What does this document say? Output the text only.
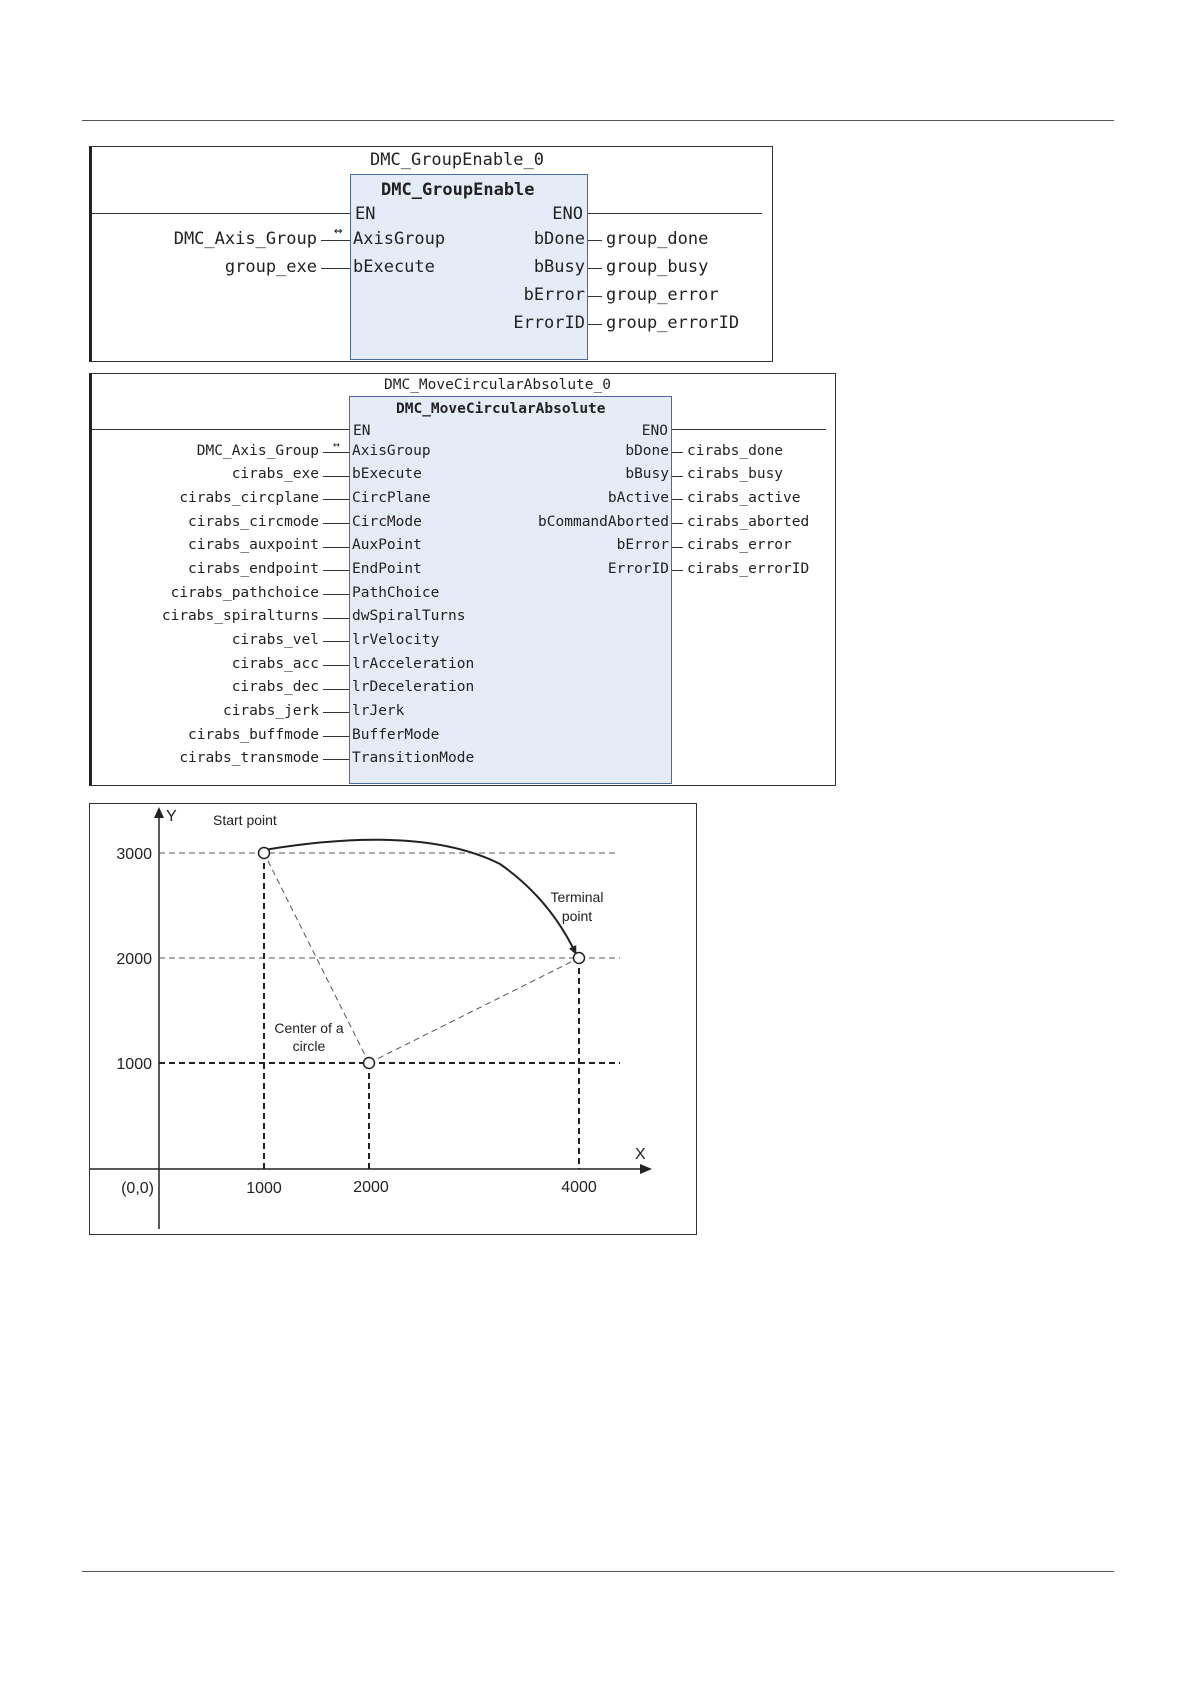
DMC_GroupEnable_0
DMC_GroupEnable
EN	ENO
DMC_Axis_Group AxisGroup
↔
group_exe bExecute
bDone group_done
bBusy group_busy
bError group_error
ErrorID group_errorID
DMC_MoveCircularAbsolute_0
DMC_MoveCircularAbsolute
EN	ENO
DMC_Axis_Group AxisGroup
↔
cirabs_exe bExecute
cirabs_circplane CircPlane
cirabs_circmode CircMode
cirabs_auxpoint AuxPoint
cirabs_endpoint EndPoint
cirabs_pathchoice PathChoice
cirabs_spiralturns dwSpiralTurns
cirabs_vel lrVelocity
cirabs_acc lrAcceleration
cirabs_dec lrDeceleration
cirabs_jerk lrJerk
cirabs_buffmode BufferMode
cirabs_transmode TransitionMode
bDone cirabs_done
bBusy cirabs_busy
bActive cirabs_active
bCommandAborted cirabs_aborted
bError cirabs_error
ErrorID cirabs_errorID
Y
X
Start point
Terminal
point
Center of a
circle
3000
2000
1000
(0,0)	1000	2000	4000
